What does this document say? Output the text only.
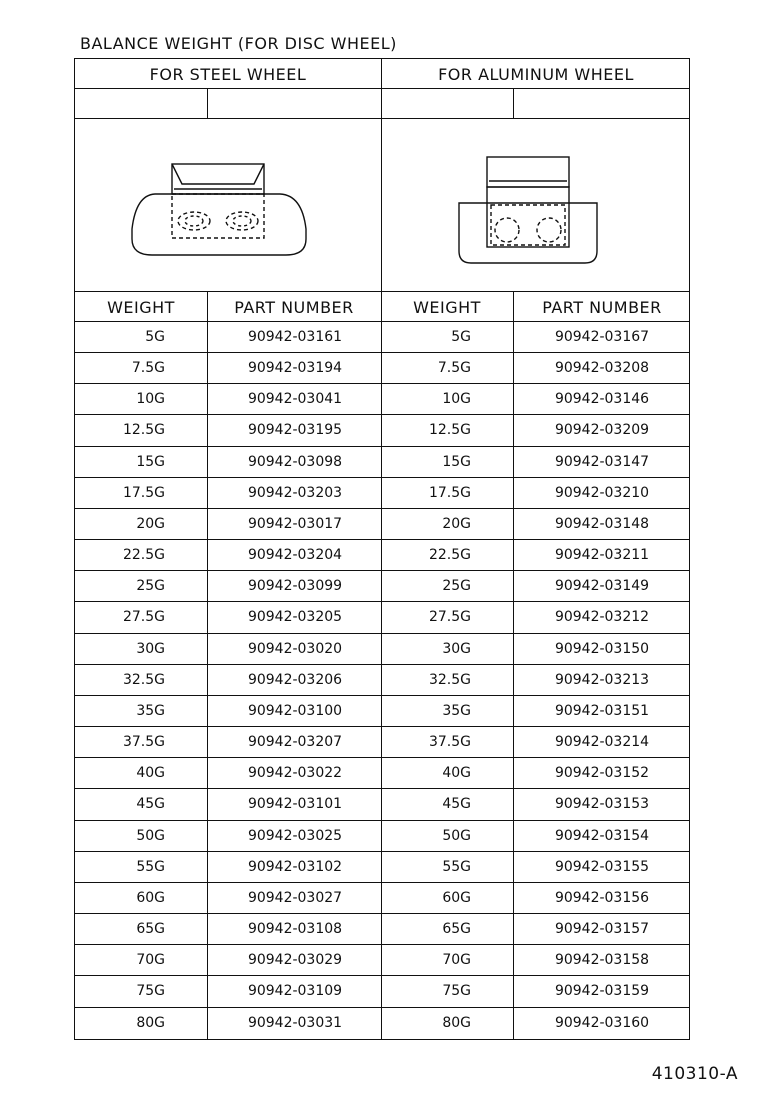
BALANCE WEIGHT (FOR DISC WHEEL)
FOR STEEL WHEEL	FOR ALUMINUM WHEEL
WEIGHT	PART NUMBER	WEIGHT	PART NUMBER
5G	90942-03161	5G	90942-03167
7.5G	90942-03194	7.5G	90942-03208
10G	90942-03041	10G	90942-03146
12.5G	90942-03195	12.5G	90942-03209
15G	90942-03098	15G	90942-03147
17.5G	90942-03203	17.5G	90942-03210
20G	90942-03017	20G	90942-03148
22.5G	90942-03204	22.5G	90942-03211
25G	90942-03099	25G	90942-03149
27.5G	90942-03205	27.5G	90942-03212
30G	90942-03020	30G	90942-03150
32.5G	90942-03206	32.5G	90942-03213
35G	90942-03100	35G	90942-03151
37.5G	90942-03207	37.5G	90942-03214
40G	90942-03022	40G	90942-03152
45G	90942-03101	45G	90942-03153
50G	90942-03025	50G	90942-03154
55G	90942-03102	55G	90942-03155
60G	90942-03027	60G	90942-03156
65G	90942-03108	65G	90942-03157
70G	90942-03029	70G	90942-03158
75G	90942-03109	75G	90942-03159
80G	90942-03031	80G	90942-03160
410310-A
